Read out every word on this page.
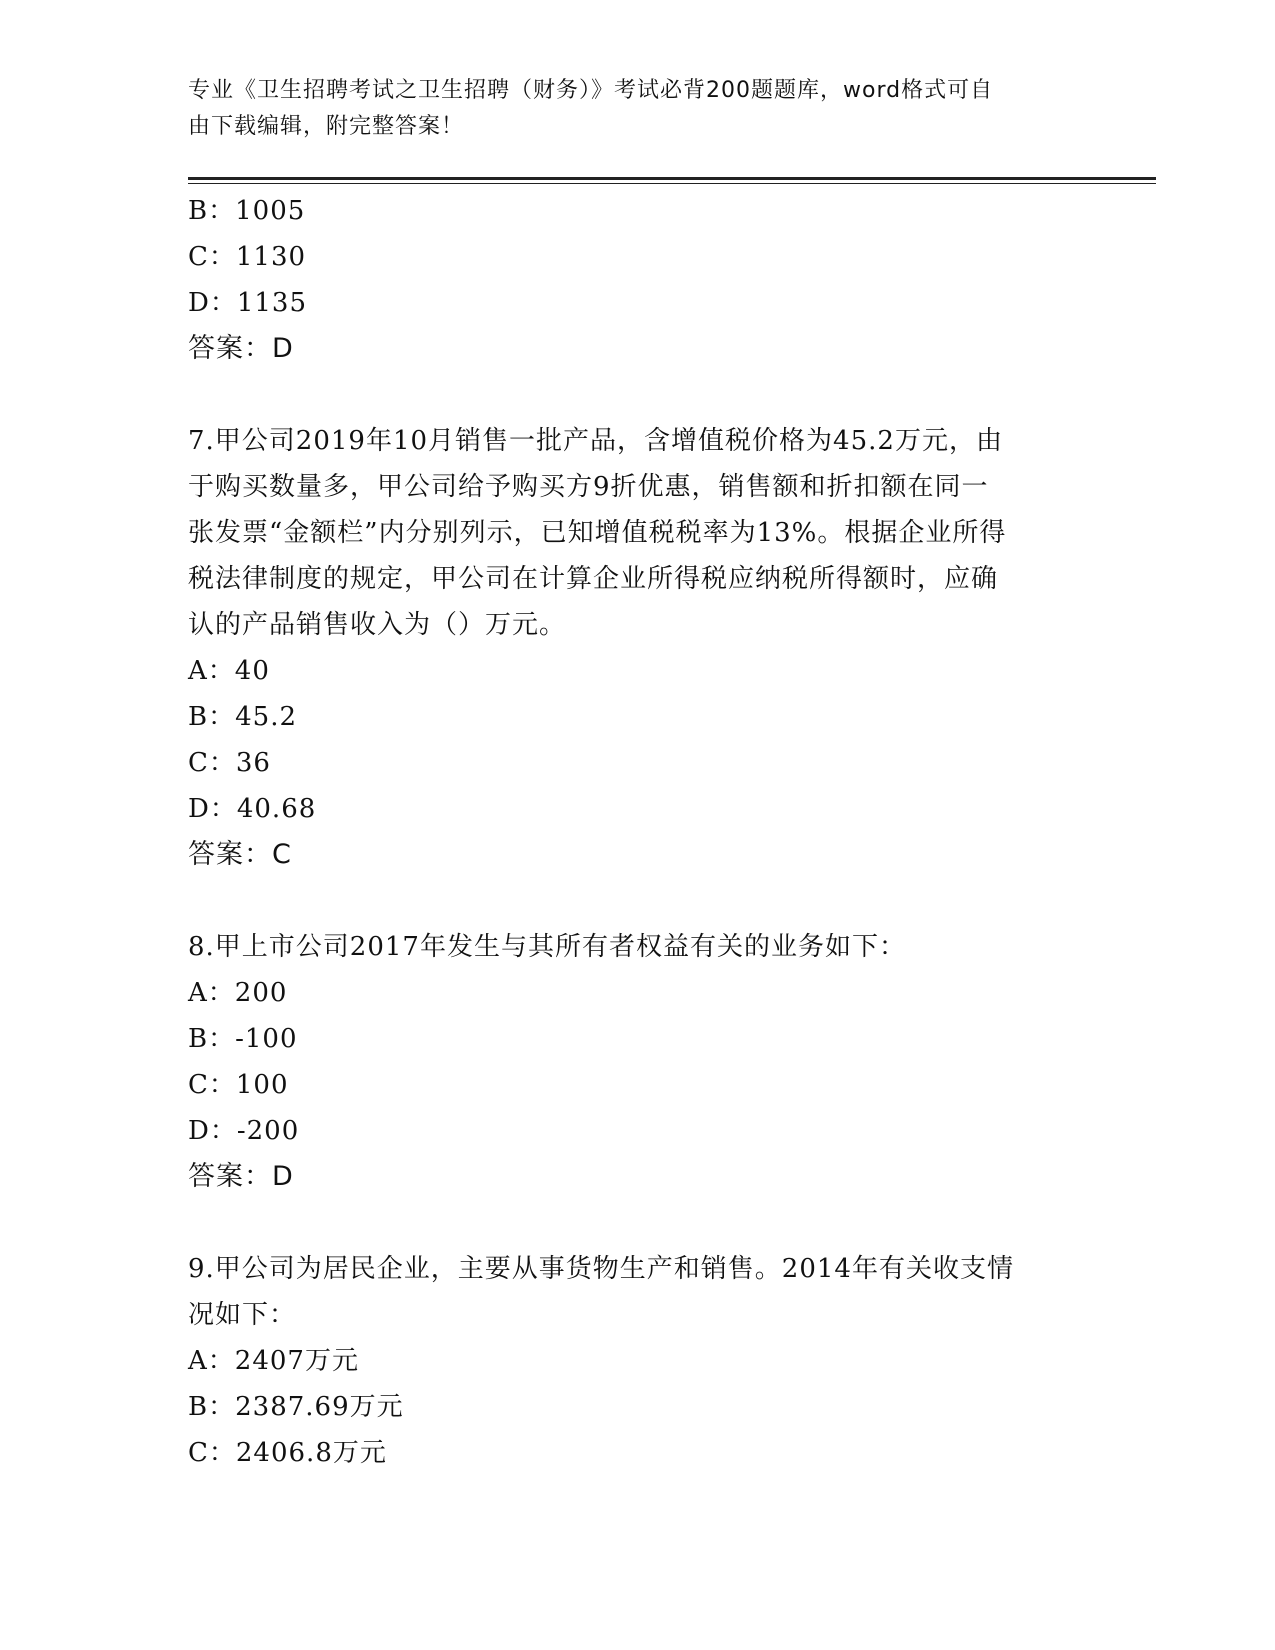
专业《卫生招聘考试之卫生招聘（财务）》考试必背200题题库，word格式可自
由下载编辑，附完整答案！
B：1005
C：1130
D：1135
答案：D
7.甲公司2019年10月销售一批产品，含增值税价格为45.2万元，由
于购买数量多，甲公司给予购买方9折优惠，销售额和折扣额在同一
张发票“金额栏”内分别列示，已知增值税税率为13%。根据企业所得
税法律制度的规定，甲公司在计算企业所得税应纳税所得额时，应确
认的产品销售收入为（）万元。
A：40
B：45.2
C：36
D：40.68
答案：C
8.甲上市公司2017年发生与其所有者权益有关的业务如下：
A：200
B：-100
C：100
D：-200
答案：D
9.甲公司为居民企业，主要从事货物生产和销售。2014年有关收支情
况如下：
A：2407万元
B：2387.69万元
C：2406.8万元
